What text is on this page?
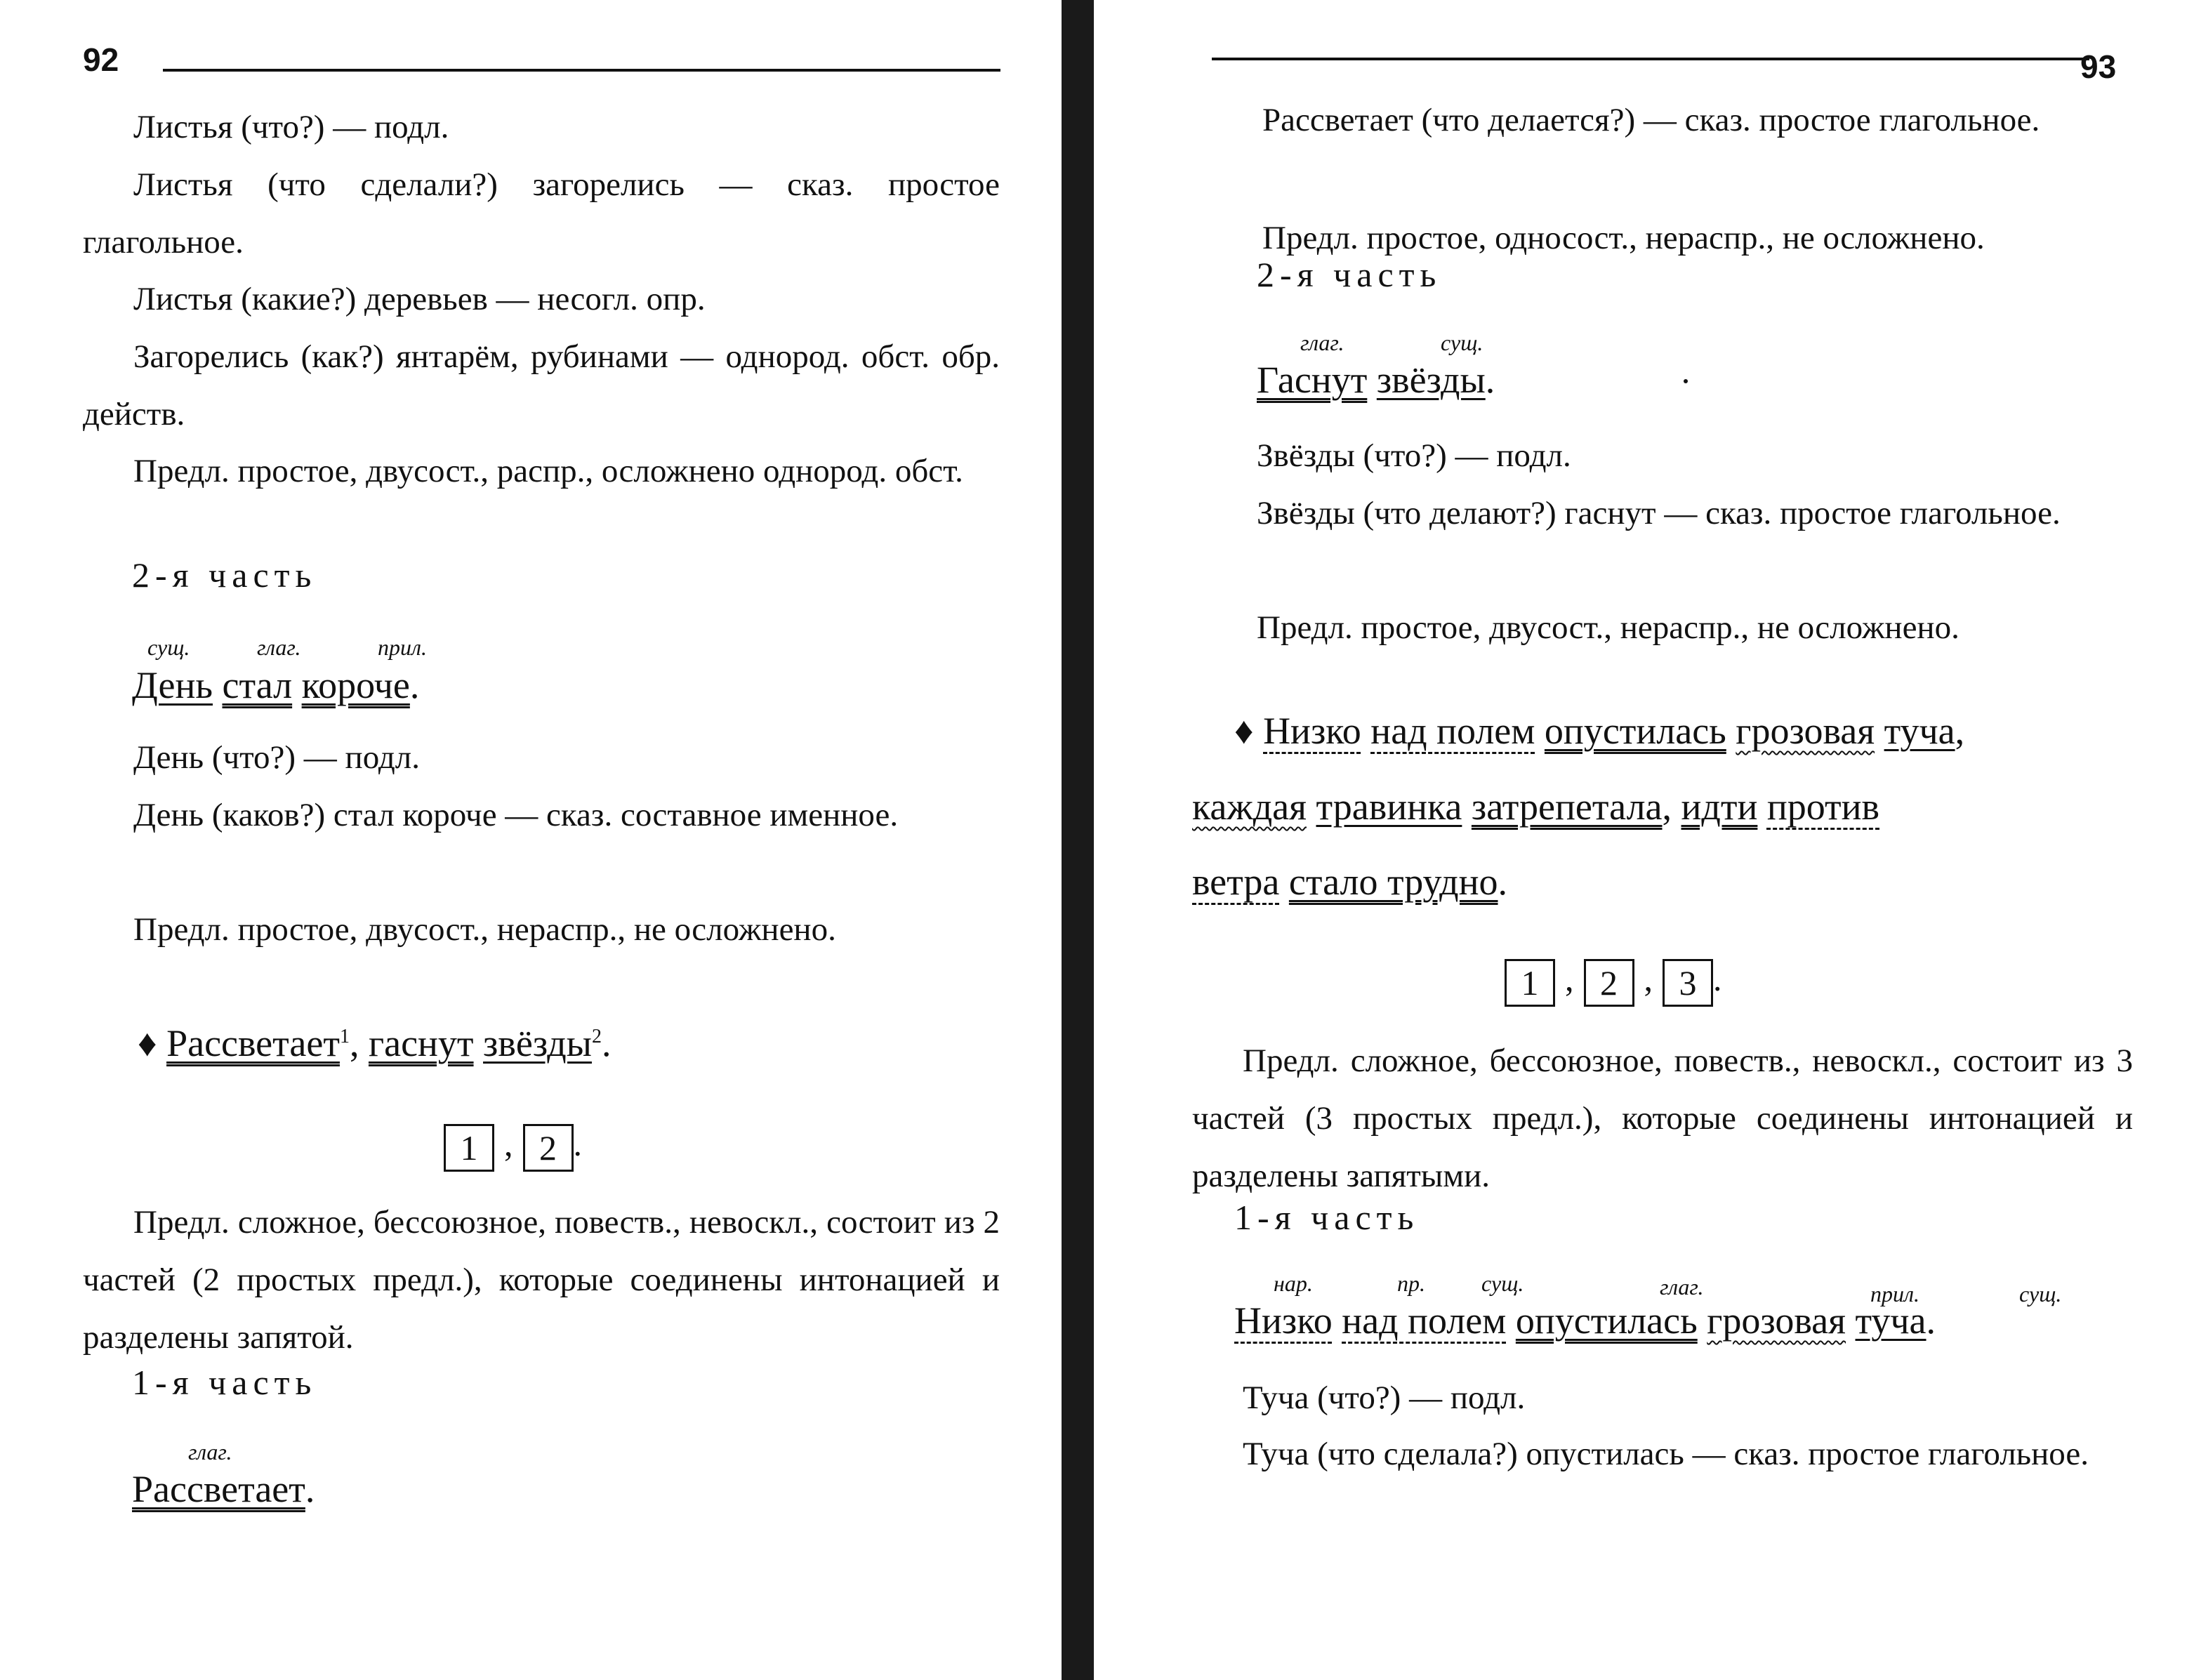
92

Листья (что?) — подл.

Листья (что сделали?) загорелись — сказ. простое глагольное.

Листья (какие?) деревьев — несогл. опр.

Загорелись (как?) янтарём, рубинами — однород. обст. обр. действ.

Предл. простое, двусост., распр., осложнено однород. обст.

2-я часть
сущ.	глаг.	прил.
День стал короче.

День (что?) — подл.

День (каков?) стал короче — сказ. составное именное.

Предл. простое, двусост., нераспр., не осложнено.

♦ Рассветает$^1$, гаснут звёзды$^2$.
1 , 2 .

Предл. сложное, бессоюзное, повеств., невоскл., состоит из 2 частей (2 простых предл.), которые соединены интонацией и разделены запятой.

1-я часть
глаг.
Рассветает.
93

Рассветает (что делается?) — сказ. простое глагольное.

Предл. простое, односост., нераспр., не осложнено.

2-я часть
глаг.	сущ.
Гаснут звёзды.

Звёзды (что?) — подл.

Звёзды (что делают?) гаснут — сказ. простое глагольное.

Предл. простое, двусост., нераспр., не осложнено.

♦ Низко над полем опустилась грозовая туча,
каждая травинка затрепетала, идти против
ветра стало трудно.
1 , 2 , 3 .

Предл. сложное, бессоюзное, повеств., невоскл., состоит из 3 частей (3 простых предл.), которые соединены интонацией и разделены запятыми.

1-я часть
нар.	пр.	сущ.	глаг.	прил.	сущ.
Низко над полем опустилась грозовая туча.

Туча (что?) — подл.

Туча (что сделала?) опустилась — сказ. простое глагольное.
